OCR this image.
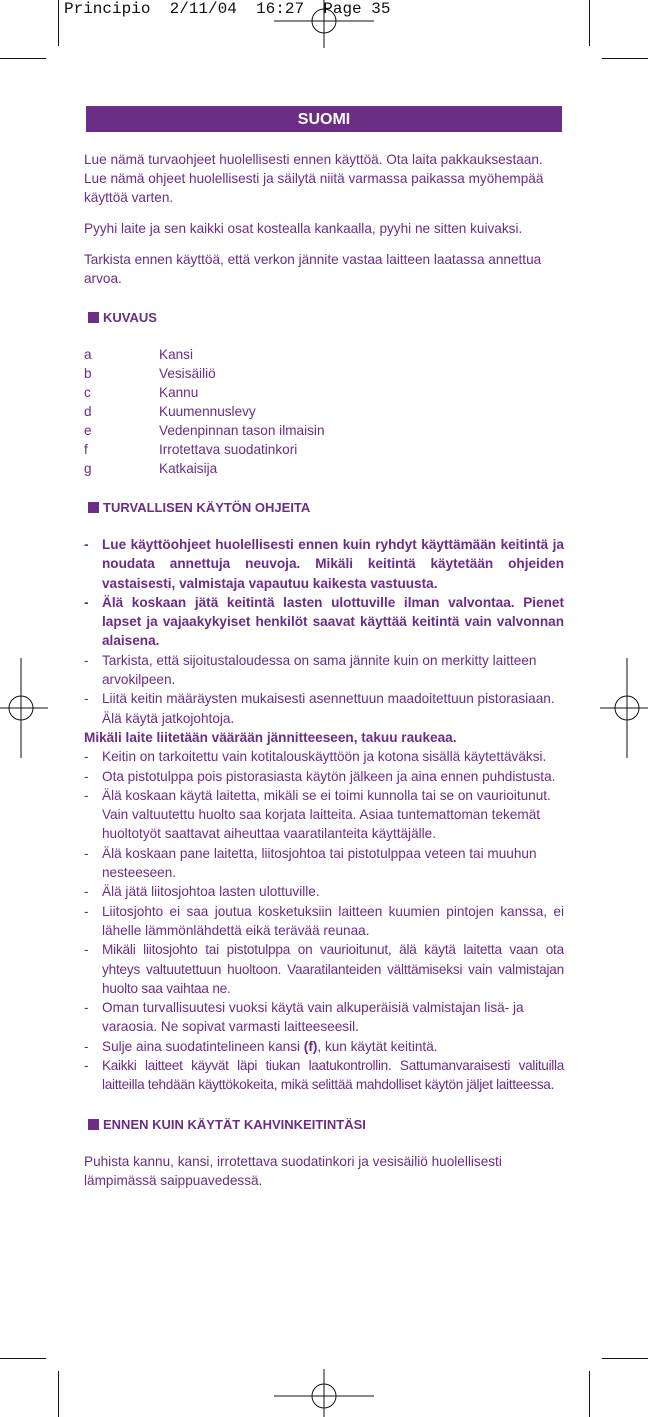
Principio  2/11/04  16:27  Page 35
SUOMI

Lue nämä turvaohjeet huolellisesti ennen käyttöä. Ota laita pakkauksestaan. Lue nämä ohjeet huolellisesti ja säilytä niitä varmassa paikassa myöhempää käyttöä varten.

Pyyhi laite ja sen kaikki osat kostealla kankaalla, pyyhi ne sitten kuivaksi.

Tarkista ennen käyttöä, että verkon jännite vastaa laitteen laatassa annettua arvoa.

KUVAUS
a	Kansi
b	Vesisäiliö
c	Kannu
d	Kuumennuslevy
e	Vedenpinnan tason ilmaisin
f	Irrotettava suodatinkori
g	Katkaisija
TURVALLISEN KÄYTÖN OHJEITA
- Lue käyttöohjeet huolellisesti ennen kuin ryhdyt käyttämään keitintä ja noudata annettuja neuvoja. Mikäli keitintä käytetään ohjeiden vastaisesti, valmistaja vapautuu kaikesta vastuusta.
- Älä koskaan jätä keitintä lasten ulottuville ilman valvontaa. Pienet lapset ja vajaakykyiset henkilöt saavat käyttää keitintä vain valvonnan alaisena.
- Tarkista, että sijoitustaloudessa on sama jännite kuin on merkitty laitteen arvokilpeen.
- Liitä keitin määräysten mukaisesti asennettuun maadoitettuun pistorasiaan. Älä käytä jatkojohtoja.
Mikäli laite liitetään väärään jännitteeseen, takuu raukeaa.
- Keitin on tarkoitettu vain kotitalouskäyttöön ja kotona sisällä käytettäväksi.
- Ota pistotulppa pois pistorasiasta käytön jälkeen ja aina ennen puhdistusta.
- Älä koskaan käytä laitetta, mikäli se ei toimi kunnolla tai se on vaurioitunut. Vain valtuutettu huolto saa korjata laitteita. Asiaa tuntemattoman tekemät huoltotyöt saattavat aiheuttaa vaaratilanteita käyttäjälle.
- Älä koskaan pane laitetta, liitosjohtoa tai pistotulppaa veteen tai muuhun nesteeseen.
- Älä jätä liitosjohtoa lasten ulottuville.
- Liitosjohto ei saa joutua kosketuksiin laitteen kuumien pintojen kanssa, ei lähelle lämmönlähdettä eikä terävää reunaa.
- Mikäli liitosjohto tai pistotulppa on vaurioitunut, älä käytä laitetta vaan ota yhteys valtuutettuun huoltoon. Vaaratilanteiden välttämiseksi vain valmistajan huolto saa vaihtaa ne.
- Oman turvallisuutesi vuoksi käytä vain alkuperäisiä valmistajan lisä- ja varaosia. Ne sopivat varmasti laitteeseesil.
- Sulje aina suodatintelineen kansi (f), kun käytät keitintä.
- Kaikki laitteet käyvät läpi tiukan laatukontrollin. Sattumanvaraisesti valituilla laitteilla tehdään käyttökokeita, mikä selittää mahdolliset käytön jäljet laitteessa.
ENNEN KUIN KÄYTÄT KAHVINKEITINTÄSI

Puhista kannu, kansi, irrotettava suodatinkori ja vesisäiliö huolellisesti lämpimässä saippuavedessä.
